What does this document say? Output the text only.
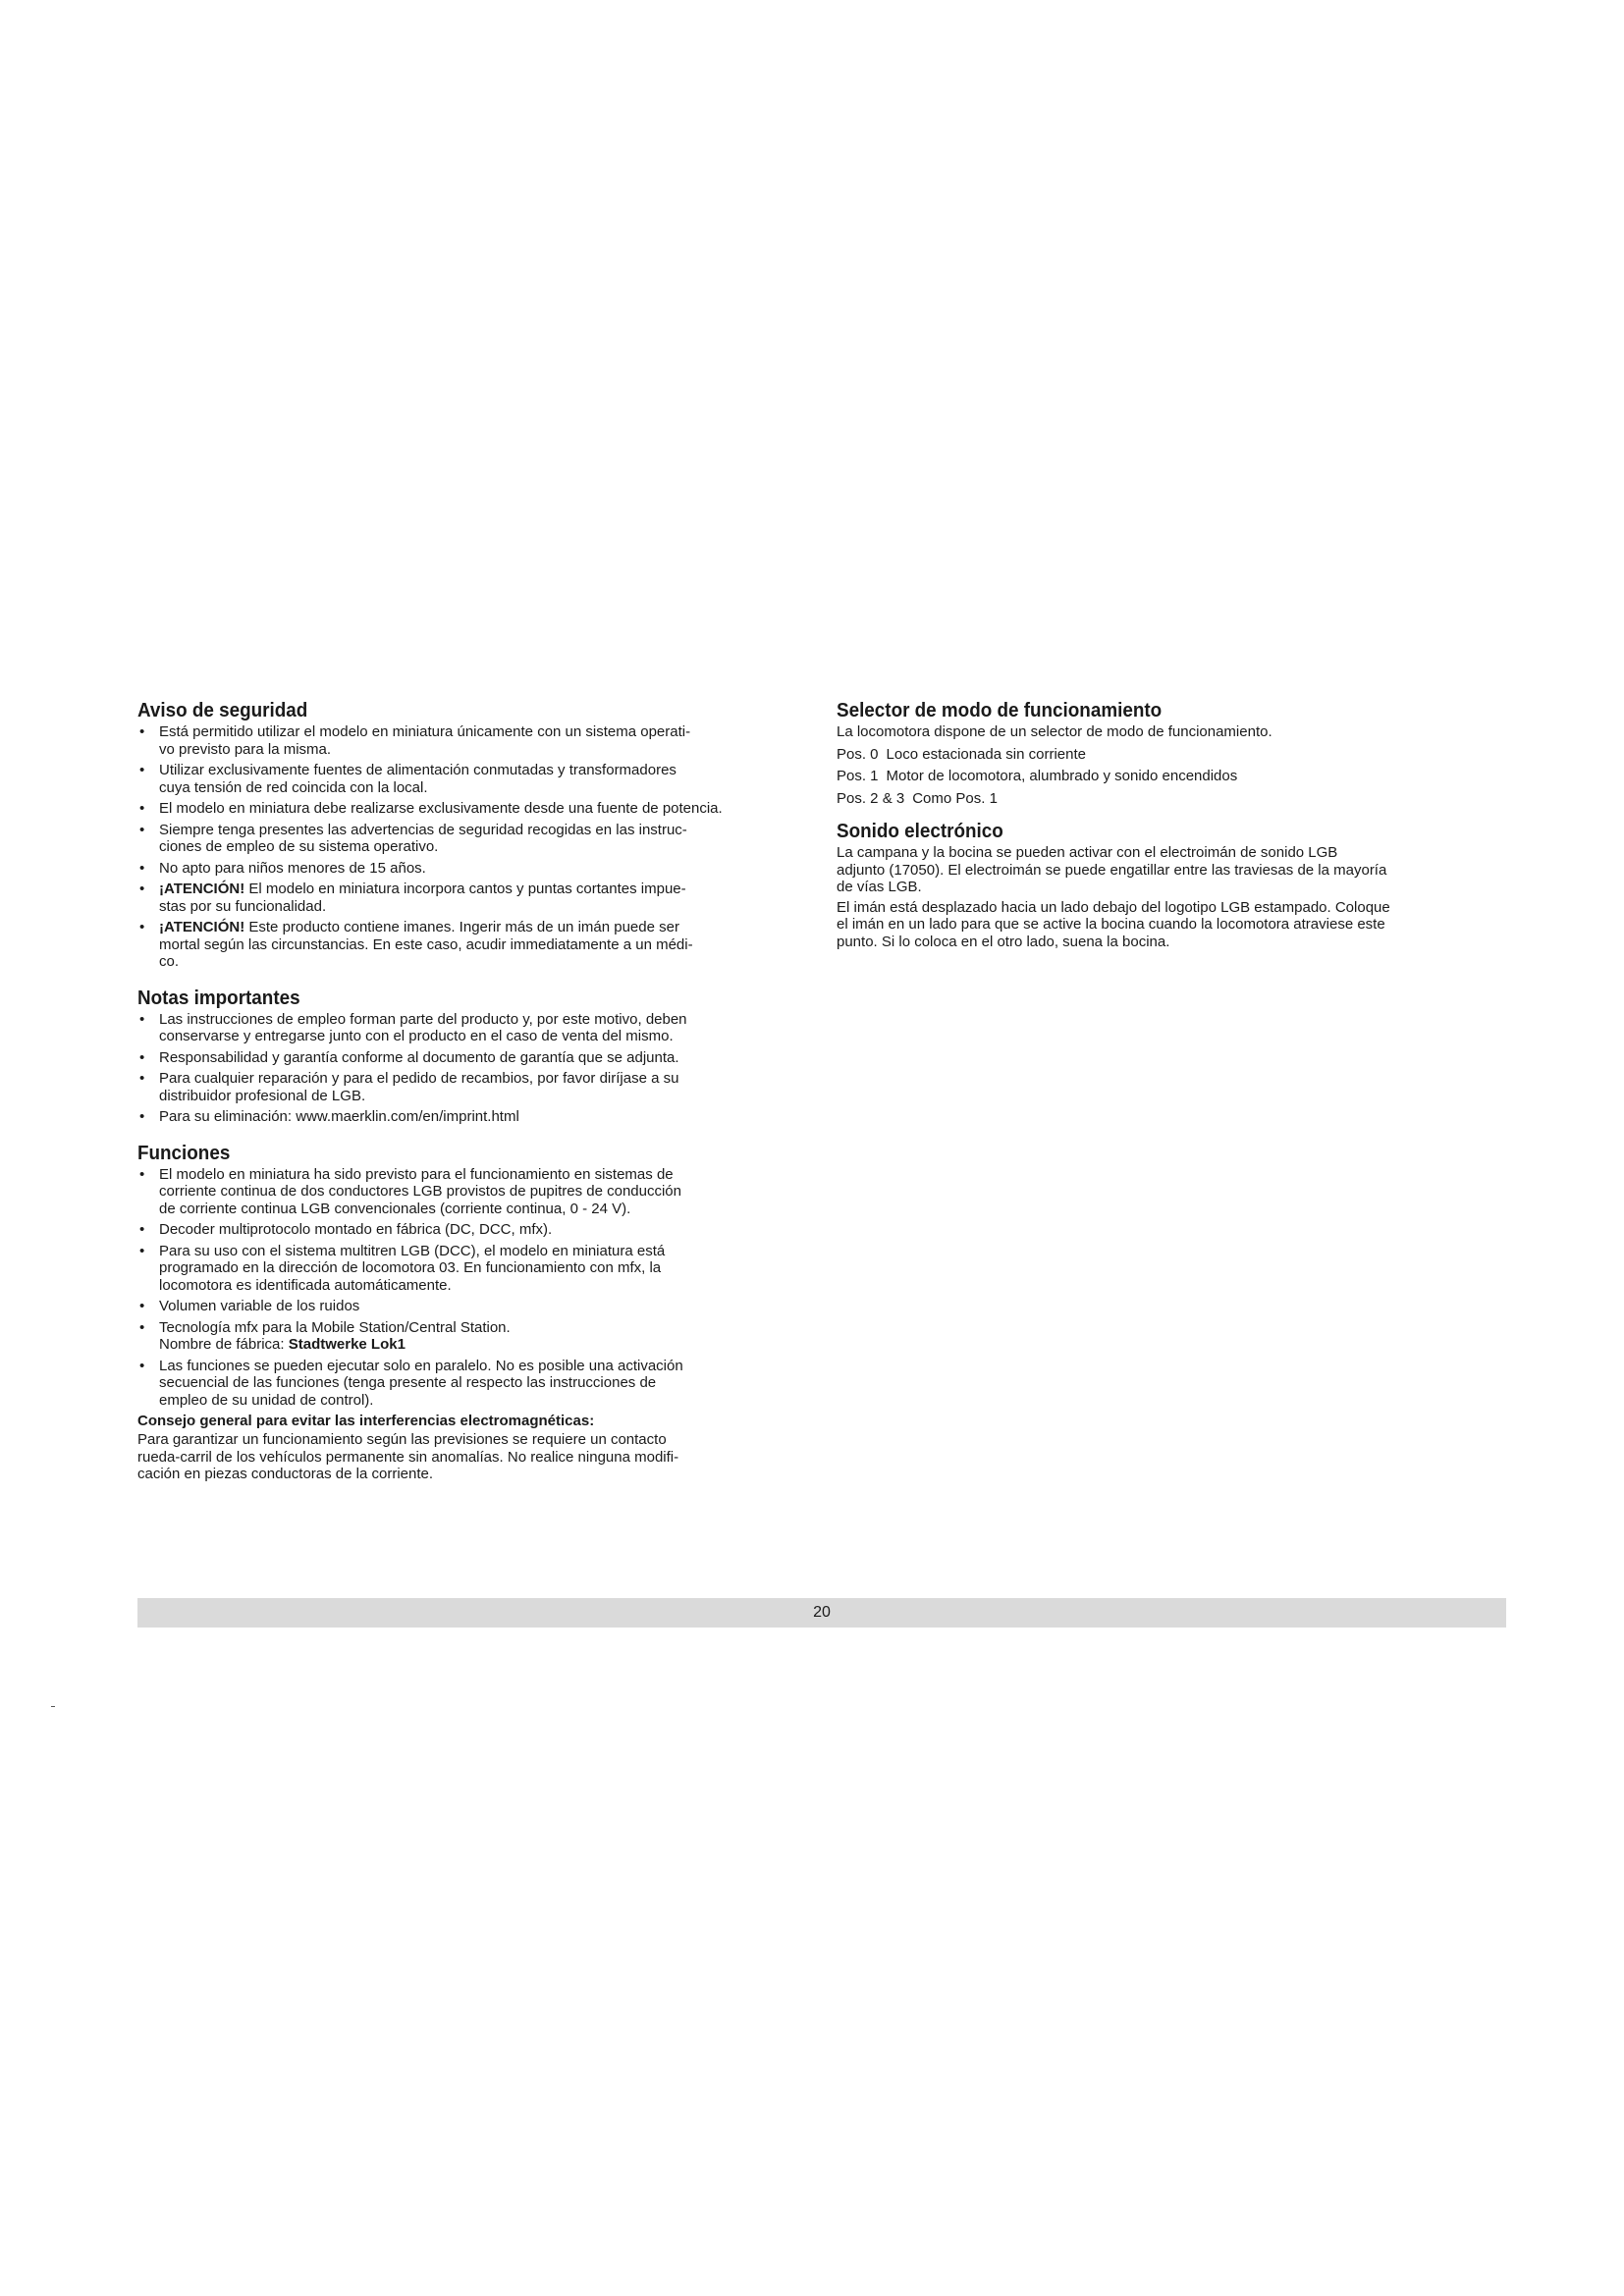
Aviso de seguridad
• Está permitido utilizar el modelo en miniatura únicamente con un sistema operati-
vo previsto para la misma.
• Utilizar exclusivamente fuentes de alimentación conmutadas y transformadores
cuya tensión de red coincida con la local.
• El modelo en miniatura debe realizarse exclusivamente desde una fuente de potencia.
• Siempre tenga presentes las advertencias de seguridad recogidas en las instruc-
ciones de empleo de su sistema operativo.
• No apto para niños menores de 15 años.
• ¡ATENCIÓN! El modelo en miniatura incorpora cantos y puntas cortantes impue-
stas por su funcionalidad.
• ¡ATENCIÓN! Este producto contiene imanes. Ingerir más de un imán puede ser
mortal según las circunstancias. En este caso, acudir immediatamente a un médi-
co.
Notas importantes
• Las instrucciones de empleo forman parte del producto y, por este motivo, deben
conservarse y entregarse junto con el producto en el caso de venta del mismo.
• Responsabilidad y garantía conforme al documento de garantía que se adjunta.
• Para cualquier reparación y para el pedido de recambios, por favor diríjase a su
distribuidor profesional de LGB.
• Para su eliminación: www.maerklin.com/en/imprint.html
Funciones
• El modelo en miniatura ha sido previsto para el funcionamiento en sistemas de
corriente continua de dos conductores LGB provistos de pupitres de conducción
de corriente continua LGB convencionales (corriente continua, 0 - 24 V).
• Decoder multiprotocolo montado en fábrica (DC, DCC, mfx).
• Para su uso con el sistema multitren LGB (DCC), el modelo en miniatura está
programado en la dirección de locomotora 03. En funcionamiento con mfx, la
locomotora es identificada automáticamente.
• Volumen variable de los ruidos
• Tecnología mfx para la Mobile Station/Central Station.
Nombre de fábrica: Stadtwerke Lok1
• Las funciones se pueden ejecutar solo en paralelo. No es posible una activación
secuencial de las funciones (tenga presente al respecto las instrucciones de
empleo de su unidad de control).
Consejo general para evitar las interferencias electromagnéticas:
Para garantizar un funcionamiento según las previsiones se requiere un contacto
rueda-carril de los vehículos permanente sin anomalías. No realice ninguna modifi-
cación en piezas conductoras de la corriente.
Selector de modo de funcionamiento
La locomotora dispone de un selector de modo de funcionamiento.
Pos. 0 Loco estacionada sin corriente
Pos. 1 Motor de locomotora, alumbrado y sonido encendidos
Pos. 2 & 3 Como Pos. 1
Sonido electrónico
La campana y la bocina se pueden activar con el electroimán de sonido LGB
adjunto (17050). El electroimán se puede engatillar entre las traviesas de la mayoría
de vías LGB.
El imán está desplazado hacia un lado debajo del logotipo LGB estampado. Coloque
el imán en un lado para que se active la bocina cuando la locomotora atraviese este
punto. Si lo coloca en el otro lado, suena la bocina.
20
